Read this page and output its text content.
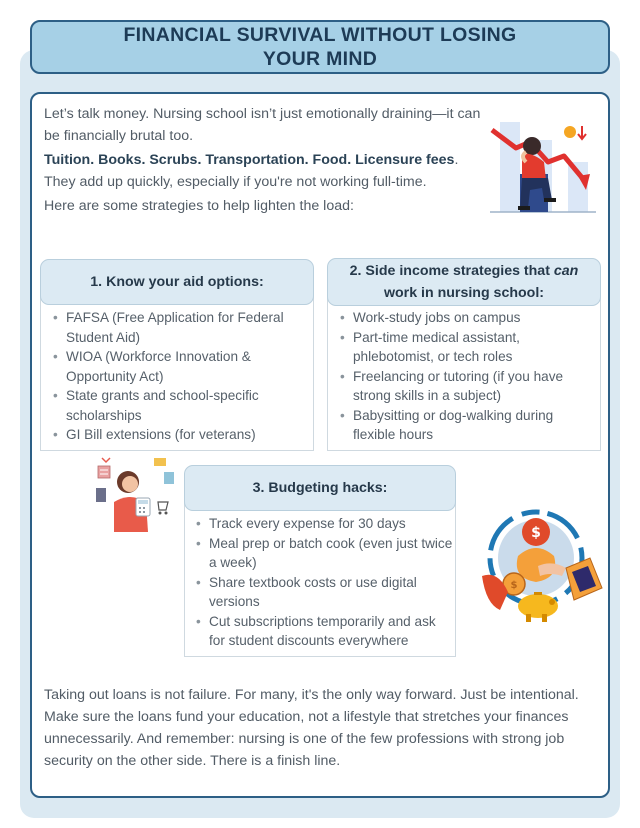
FINANCIAL SURVIVAL WITHOUT LOSING
YOUR MIND

Let’s talk money. Nursing school isn’t just emotionally draining—it can be financially brutal too.

Tuition. Books. Scrubs. Transportation. Food. Licensure fees. They add up quickly, especially if you're not working full-time.

Here are some strategies to help lighten the load:

• FAFSA (Free Application for Federal Student Aid)
• WIOA (Workforce Innovation & Opportunity Act)
• State grants and school-specific scholarships
• GI Bill extensions (for veterans)
1. Know your aid options:
• Work-study jobs on campus
• Part-time medical assistant, phlebotomist, or tech roles
• Freelancing or tutoring (if you have strong skills in a subject)
• Babysitting or dog-walking during flexible hours
2. Side income strategies that can work in nursing school:
• Track every expense for 30 days
• Meal prep or batch cook (even just twice a week)
• Share textbook costs or use digital versions
• Cut subscriptions temporarily and ask for student discounts everywhere
3. Budgeting hacks:
$
$
Taking out loans is not failure. For many, it's the only way forward. Just be intentional. Make sure the loans fund your education, not a lifestyle that stretches your finances unnecessarily. And remember: nursing is one of the few professions with strong job security on the other side. There is a finish line.
